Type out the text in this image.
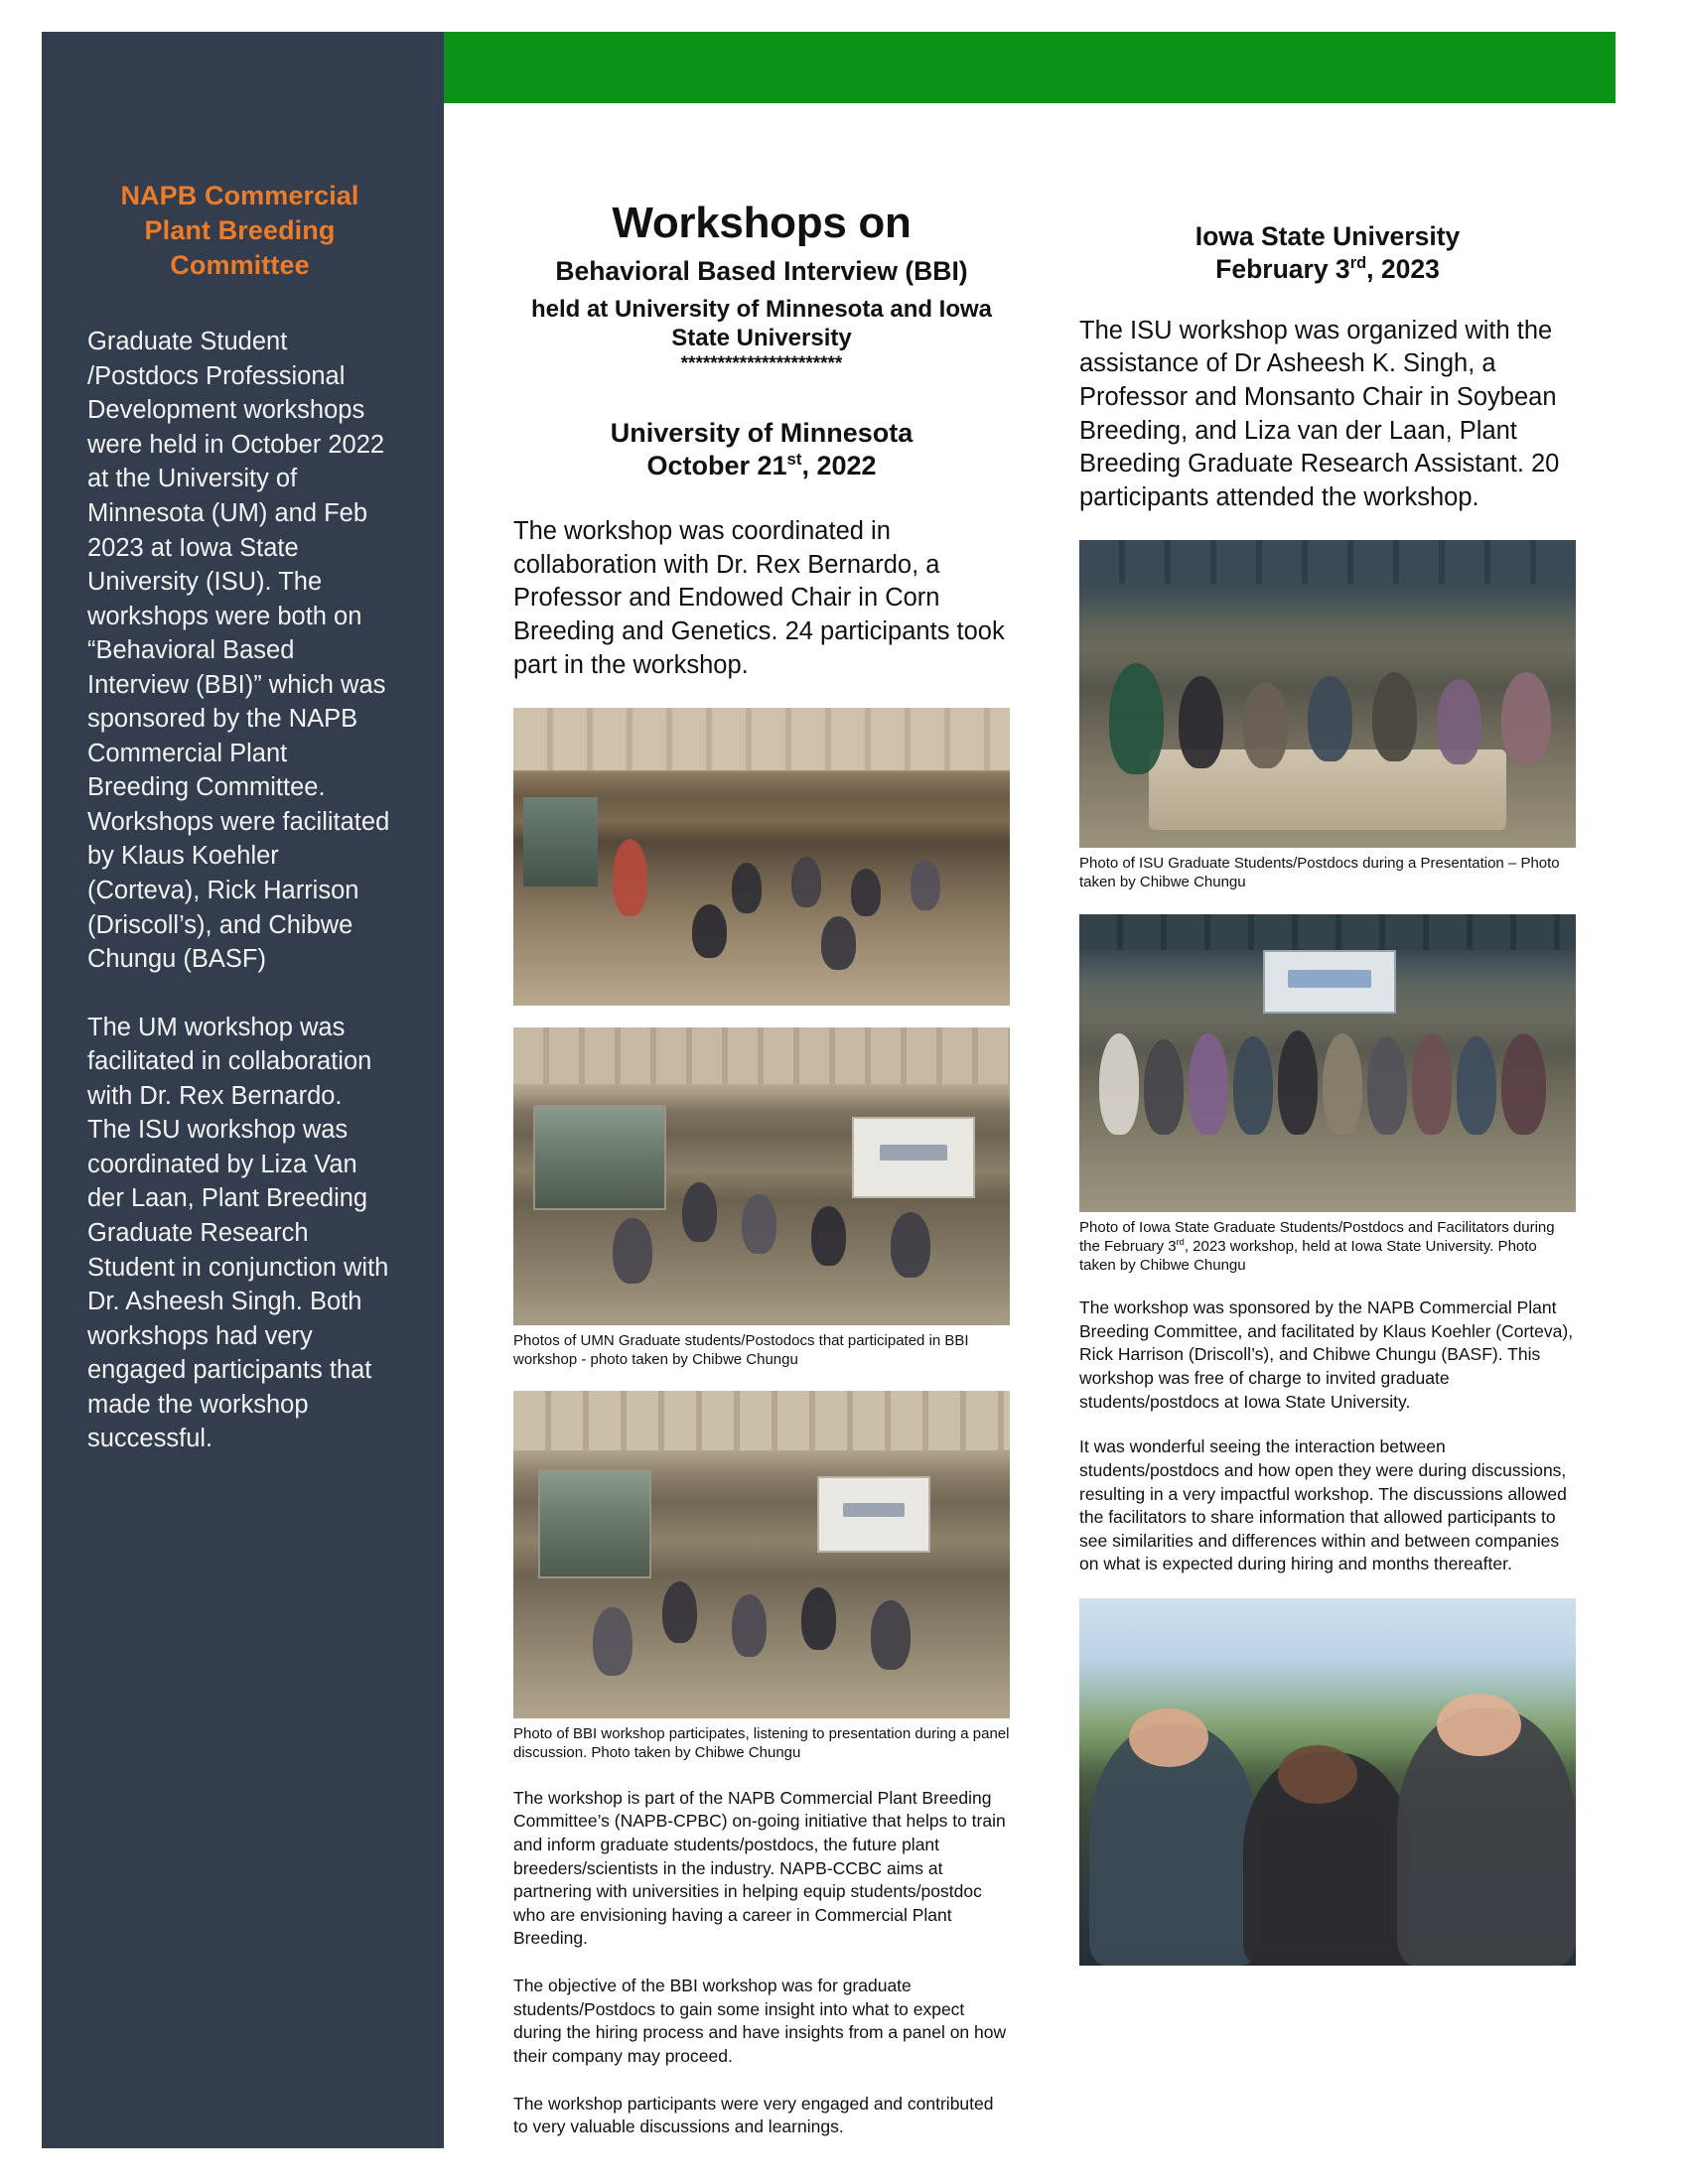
NAPB Commercial Plant Breeding Committee

Graduate Student /Postdocs Professional Development workshops were held in October 2022 at the University of Minnesota (UM) and Feb 2023 at Iowa State University (ISU). The workshops were both on “Behavioral Based Interview (BBI)” which was sponsored by the NAPB Commercial Plant Breeding Committee. Workshops were facilitated by Klaus Koehler (Corteva), Rick Harrison (Driscoll’s), and Chibwe Chungu (BASF)

The UM workshop was facilitated in collaboration with Dr. Rex Bernardo. The ISU workshop was coordinated by Liza Van der Laan, Plant Breeding Graduate Research Student in conjunction with Dr. Asheesh Singh. Both workshops had very engaged participants that made the workshop successful.

Workshops on
Behavioral Based Interview (BBI)
held at University of Minnesota and Iowa State University
**********************
University of Minnesota
October 21st, 2022

The workshop was coordinated in collaboration with Dr. Rex Bernardo, a Professor and Endowed Chair in Corn Breeding and Genetics. 24 participants took part in the workshop.

Photos of UMN Graduate students/Postodocs that participated in BBI workshop - photo taken by Chibwe Chungu

Photo of BBI workshop participates, listening to presentation during a panel discussion. Photo taken by Chibwe Chungu

The workshop is part of the NAPB Commercial Plant Breeding Committee’s (NAPB-CPBC) on-going initiative that helps to train and inform graduate students/postdocs, the future plant breeders/scientists in the industry. NAPB-CCBC aims at partnering with universities in helping equip students/postdoc who are envisioning having a career in Commercial Plant Breeding.

The objective of the BBI workshop was for graduate students/Postdocs to gain some insight into what to expect during the hiring process and have insights from a panel on how their company may proceed.

The workshop participants were very engaged and contributed to very valuable discussions and learnings.

Iowa State University
February 3rd, 2023

The ISU workshop was organized with the assistance of Dr Asheesh K. Singh, a Professor and Monsanto Chair in Soybean Breeding, and Liza van der Laan, Plant Breeding Graduate Research Assistant. 20 participants attended the workshop.

Photo of ISU Graduate Students/Postdocs during a Presentation – Photo taken by Chibwe Chungu

Photo of Iowa State Graduate Students/Postdocs and Facilitators during the February 3rd, 2023 workshop, held at Iowa State University. Photo taken by Chibwe Chungu

The workshop was sponsored by the NAPB Commercial Plant Breeding Committee, and facilitated by Klaus Koehler (Corteva), Rick Harrison (Driscoll’s), and Chibwe Chungu (BASF). This workshop was free of charge to invited graduate students/postdocs at Iowa State University.

It was wonderful seeing the interaction between students/postdocs and how open they were during discussions, resulting in a very impactful workshop. The discussions allowed the facilitators to share information that allowed participants to see similarities and differences within and between companies on what is expected during hiring and months thereafter.
